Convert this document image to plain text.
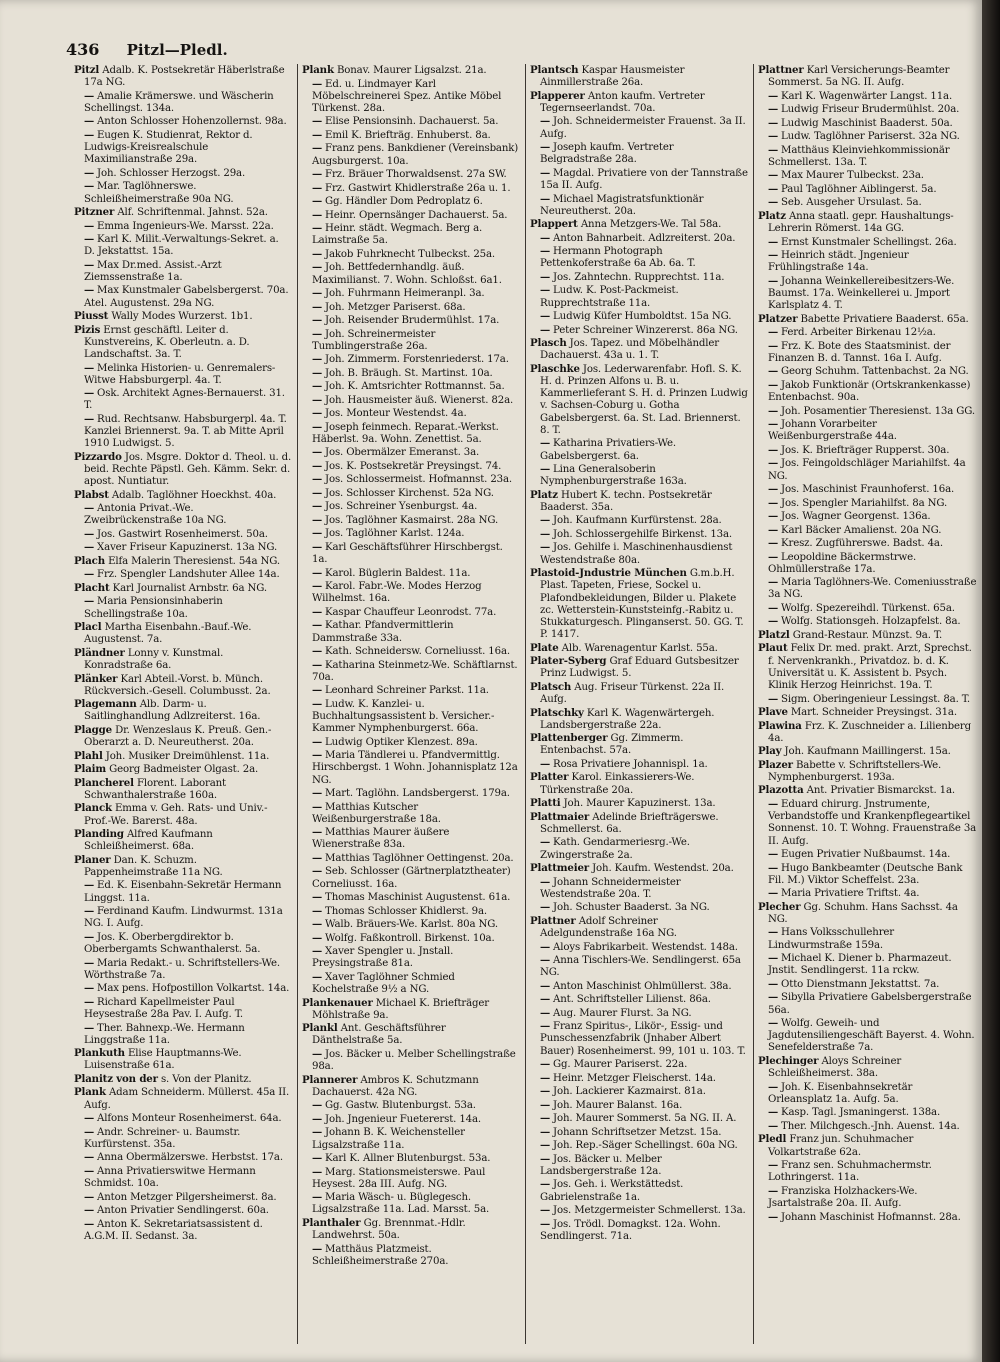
436 Pitzl—Pledl.
Pitzl Adalb. K. Postsekretär Häberlstraße 17a NG.
— Amalie Krämerswe. und Wäscherin Schellingst. 134a.
— Anton Schlosser Hohenzollernst. 98a.
— Eugen K. Studienrat, Rektor d. Ludwigs-Kreisrealschule Maximilianstraße 29a.
— Joh. Schlosser Herzogst. 29a.
— Mar. Taglöhnerswe. Schleißheimerstraße 90a NG.
Pitzner Alf. Schriftenmal. Jahnst. 52a.
— Emma Ingenieurs-We. Marsst. 22a.
— Karl K. Milit.-Verwaltungs-Sekret. a. D. Jekstattst. 15a.
— Max Dr.med. Assist.-Arzt Ziemssenstraße 1a.
— Max Kunstmaler Gabelsbergerst. 70a. Atel. Augustenst. 29a NG.
Piusst Wally Modes Wurzerst. 1b1.
Pizis Ernst geschäftl. Leiter d. Kunstvereins, K. Oberleutn. a. D. Landschaftst. 3a. T.
— Melinka Historien- u. Genremalers-Witwe Habsburgerpl. 4a. T.
— Osk. Architekt Agnes-Bernauerst. 31. T.
— Rud. Rechtsanw. Habsburgerpl. 4a. T. Kanzlei Briennerst. 9a. T. ab Mitte April 1910 Ludwigst. 5.
Pizzardo Jos. Msgre. Doktor d. Theol. u. d. beid. Rechte Päpstl. Geh. Kämm. Sekr. d. apost. Nuntiatur.
Plabst Adalb. Taglöhner Hoeckhst. 40a.
— Antonia Privat.-We. Zweibrückenstraße 10a NG.
— Jos. Gastwirt Rosenheimerst. 50a.
— Xaver Friseur Kapuzinerst. 13a NG.
Plach Elfa Malerin Theresienst. 54a NG.
— Frz. Spengler Landshuter Allee 14a.
Placht Karl Journalist Arnbstr. 6a NG.
— Maria Pensionsinhaberin Schellingstraße 10a.
Placl Martha Eisenbahn.-Bauf.-We. Augustenst. 7a.
Pländner Lonny v. Kunstmal. Konradstraße 6a.
Plänker Karl Abteil.-Vorst. b. Münch. Rückversich.-Gesell. Columbusst. 2a.
Plagemann Alb. Darm- u. Saitlinghandlung Adlzreiterst. 16a.
Plagge Dr. Wenzeslaus K. Preuß. Gen.-Oberarzt a. D. Neureutherst. 20a.
Plahl Joh. Musiker Dreimühlenst. 11a.
Plaim Georg Badmeister Olgast. 2a.
Plancherel Florent. Laborant Schwanthalerstraße 160a.
Planck Emma v. Geh. Rats- und Univ.-Prof.-We. Barerst. 48a.
Planding Alfred Kaufmann Schleißheimerst. 68a.
Planer Dan. K. Schuzm. Pappenheimstraße 11a NG.
— Ed. K. Eisenbahn-Sekretär Hermann Linggst. 11a.
— Ferdinand Kaufm. Lindwurmst. 131a NG. I. Aufg.
— Jos. K. Oberbergdirektor b. Oberbergamts Schwanthalerst. 5a.
— Maria Redakt.- u. Schriftstellers-We. Wörthstraße 7a.
— Max pens. Hofpostillon Volkartst. 14a.
— Richard Kapellmeister Paul Heysestraße 28a Pav. I. Aufg. T.
— Ther. Bahnexp.-We. Hermann Linggstraße 11a.
Plankuth Elise Hauptmanns-We. Luisenstraße 61a.
Planitz von der s. Von der Planitz.
Plank Adam Schneiderm. Müllerst. 45a II. Aufg.
— Alfons Monteur Rosenheimerst. 64a.
— Andr. Schreiner- u. Baumstr. Kurfürstenst. 35a.
— Anna Obermälzerswe. Herbstst. 17a.
— Anna Privatierswitwe Hermann Schmidst. 10a.
— Anton Metzger Pilgersheimerst. 8a.
— Anton Privatier Sendlingerst. 60a.
— Anton K. Sekretariatsassistent d. A.G.M. II. Sedanst. 3a.
Plank Bonav. Maurer Ligsalzst. 21a.
— Ed. u. Lindmayer Karl Möbelschreinerei Spez. Antike Möbel Türkenst. 28a.
— Elise Pensionsinh. Dachauerst. 5a.
— Emil K. Briefträg. Enhuberst. 8a.
— Franz pens. Bankdiener (Vereinsbank) Augsburgerst. 10a.
— Frz. Bräuer Thorwaldsenst. 27a SW.
— Frz. Gastwirt Khidlerstraße 26a u. 1.
— Gg. Händler Dom Pedroplatz 6.
— Heinr. Opernsänger Dachauerst. 5a.
— Heinr. städt. Wegmach. Berg a. Laimstraße 5a.
— Jakob Fuhrknecht Tulbeckst. 25a.
— Joh. Bettfedernhandlg. äuß. Maximilianst. 7. Wohn. Schloßst. 6a1.
— Joh. Fuhrmann Heimeranpl. 3a.
— Joh. Metzger Pariserst. 68a.
— Joh. Reisender Brudermühlst. 17a.
— Joh. Schreinermeister Tumblingerstraße 26a.
— Joh. Zimmerm. Forstenriederst. 17a.
— Joh. B. Bräugh. St. Martinst. 10a.
— Joh. K. Amtsrichter Rottmannst. 5a.
— Joh. Hausmeister äuß. Wienerst. 82a.
— Jos. Monteur Westendst. 4a.
— Joseph feinmech. Reparat.-Werkst. Häberlst. 9a. Wohn. Zenettist. 5a.
— Jos. Obermälzer Emeranst. 3a.
— Jos. K. Postsekretär Preysingst. 74.
— Jos. Schlossermeist. Hofmannst. 23a.
— Jos. Schlosser Kirchenst. 52a NG.
— Jos. Schreiner Ysenburgst. 4a.
— Jos. Taglöhner Kasmairst. 28a NG.
— Jos. Taglöhner Karlst. 124a.
— Karl Geschäftsführer Hirschbergst. 1a.
— Karol. Büglerin Baldest. 11a.
— Karol. Fabr.-We. Modes Herzog Wilhelmst. 16a.
— Kaspar Chauffeur Leonrodst. 77a.
— Kathar. Pfandvermittlerin Dammstraße 33a.
— Kath. Schneidersw. Corneliusst. 16a.
— Katharina Steinmetz-We. Schäftlarnst. 70a.
— Leonhard Schreiner Parkst. 11a.
— Ludw. K. Kanzlei- u. Buchhaltungsassistent b. Versicher.-Kammer Nymphenburgerst. 66a.
— Ludwig Optiker Klenzest. 89a.
— Maria Tändlerei u. Pfandvermittlg. Hirschbergst. 1 Wohn. Johannisplatz 12a NG.
— Mart. Taglöhn. Landsbergerst. 179a.
— Matthias Kutscher Weißenburgerstraße 18a.
— Matthias Maurer äußere Wienerstraße 83a.
— Matthias Taglöhner Oettingenst. 20a.
— Seb. Schlosser (Gärtnerplatztheater) Corneliusst. 16a.
— Thomas Maschinist Augustenst. 61a.
— Thomas Schlosser Khidlerst. 9a.
— Walb. Bräuers-We. Karlst. 80a NG.
— Wolfg. Faßkontroll. Birkenst. 10a.
— Xaver Spengler u. Jnstall. Preysingstraße 81a.
— Xaver Taglöhner Schmied Kochelstraße 9½ a NG.
Plankenauer Michael K. Briefträger Möhlstraße 9a.
Plankl Ant. Geschäftsführer Dänthelstraße 5a.
— Jos. Bäcker u. Melber Schellingstraße 98a.
Plannerer Ambros K. Schutzmann Dachauerst. 42a NG.
— Gg. Gastw. Blutenburgst. 53a.
— Joh. Jngenieur Fuetererst. 14a.
— Johann B. K. Weichensteller Ligsalzstraße 11a.
— Karl K. Allner Blutenburgst. 53a.
— Marg. Stationsmeisterswe. Paul Heysest. 28a III. Aufg. NG.
— Maria Wäsch- u. Büglegesch. Ligsalzstraße 11a. Lad. Marsst. 5a.
Planthaler Gg. Brennmat.-Hdlr. Landwehrst. 50a.
— Matthäus Platzmeist. Schleißheimerstraße 270a.
Plantsch Kaspar Hausmeister Ainmillerstraße 26a.
Plapperer Anton kaufm. Vertreter Tegernseerlandst. 70a.
— Joh. Schneidermeister Frauenst. 3a II. Aufg.
— Joseph kaufm. Vertreter Belgradstraße 28a.
— Magdal. Privatiere von der Tannstraße 15a II. Aufg.
— Michael Magistratsfunktionär Neureutherst. 20a.
Plappert Anna Metzgers-We. Tal 58a.
— Anton Bahnarbeit. Adlzreiterst. 20a.
— Hermann Photograph Pettenkoferstraße 6a Ab. 6a. T.
— Jos. Zahntechn. Rupprechtst. 11a.
— Ludw. K. Post-Packmeist. Rupprechtstraße 11a.
— Ludwig Küfer Humboldtst. 15a NG.
— Peter Schreiner Winzererst. 86a NG.
Plasch Jos. Tapez. und Möbelhändler Dachauerst. 43a u. 1. T.
Plaschke Jos. Lederwarenfabr. Hofl. S. K. H. d. Prinzen Alfons u. B. u. Kammerlieferant S. H. d. Prinzen Ludwig v. Sachsen-Coburg u. Gotha Gabelsbergerst. 6a. St. Lad. Briennerst. 8. T.
— Katharina Privatiers-We. Gabelsbergerst. 6a.
— Lina Generalsoberin Nymphenburgerstraße 163a.
Platz Hubert K. techn. Postsekretär Baaderst. 35a.
— Joh. Kaufmann Kurfürstenst. 28a.
— Joh. Schlossergehilfe Birkenst. 13a.
— Jos. Gehilfe i. Maschinenhausdienst Westendstraße 80a.
Plastoid-Jndustrie München G.m.b.H. Plast. Tapeten, Friese, Sockel u. Plafondbekleidungen, Bilder u. Plakete zc. Wetterstein-Kunststeinfg.-Rabitz u. Stukkaturgesch. Plinganserst. 50. GG. T. P. 1417.
Plate Alb. Warenagentur Karlst. 55a.
Plater-Syberg Graf Eduard Gutsbesitzer Prinz Ludwigst. 5.
Platsch Aug. Friseur Türkenst. 22a II. Aufg.
Platschky Karl K. Wagenwärtergeh. Landsbergerstraße 22a.
Plattenberger Gg. Zimmerm. Entenbachst. 57a.
— Rosa Privatiere Johannispl. 1a.
Platter Karol. Einkassierers-We. Türkenstraße 20a.
Platti Joh. Maurer Kapuzinerst. 13a.
Plattmaier Adelinde Briefträgerswe. Schmellerst. 6a.
— Kath. Gendarmeriesrg.-We. Zwingerstraße 2a.
Plattmeier Joh. Kaufm. Westendst. 20a.
— Johann Schneidermeister Westendstraße 20a. T.
— Joh. Schuster Baaderst. 3a NG.
Plattner Adolf Schreiner Adelgundenstraße 16a NG.
— Aloys Fabrikarbeit. Westendst. 148a.
— Anna Tischlers-We. Sendlingerst. 65a NG.
— Anton Maschinist Ohlmüllerst. 38a.
— Ant. Schriftsteller Lilienst. 86a.
— Aug. Maurer Flurst. 3a NG.
— Franz Spiritus-, Likör-, Essig- und Punschessenzfabrik (Jnhaber Albert Bauer) Rosenheimerst. 99, 101 u. 103. T.
— Gg. Maurer Pariserst. 22a.
— Heinr. Metzger Fleischerst. 14a.
— Joh. Lackierer Kazmairst. 81a.
— Joh. Maurer Balanst. 16a.
— Joh. Maurer Sommerst. 5a NG. II. A.
— Johann Schriftsetzer Metzst. 15a.
— Joh. Rep.-Säger Schellingst. 60a NG.
— Jos. Bäcker u. Melber Landsbergerstraße 12a.
— Jos. Geh. i. Werkstättedst. Gabrielenstraße 1a.
— Jos. Metzgermeister Schmellerst. 13a.
— Jos. Trödl. Domagkst. 12a. Wohn. Sendlingerst. 71a.
Plattner Karl Versicherungs-Beamter Sommerst. 5a NG. II. Aufg.
— Karl K. Wagenwärter Langst. 11a.
— Ludwig Friseur Brudermühlst. 20a.
— Ludwig Maschinist Baaderst. 50a.
— Ludw. Taglöhner Pariserst. 32a NG.
— Matthäus Kleinviehkommissionär Schmellerst. 13a. T.
— Max Maurer Tulbeckst. 23a.
— Paul Taglöhner Aiblingerst. 5a.
— Seb. Ausgeher Ursulast. 5a.
Platz Anna staatl. gepr. Haushaltungs-Lehrerin Römerst. 14a GG.
— Ernst Kunstmaler Schellingst. 26a.
— Heinrich städt. Jngenieur Frühlingstraße 14a.
— Johanna Weinkellereibesitzers-We. Baumst. 17a. Weinkellerei u. Jmport Karlsplatz 4. T.
Platzer Babette Privatiere Baaderst. 65a.
— Ferd. Arbeiter Birkenau 12½a.
— Frz. K. Bote des Staatsminist. der Finanzen B. d. Tannst. 16a I. Aufg.
— Georg Schuhm. Tattenbachst. 2a NG.
— Jakob Funktionär (Ortskrankenkasse) Entenbachst. 90a.
— Joh. Posamentier Theresienst. 13a GG.
— Johann Vorarbeiter Weißenburgerstraße 44a.
— Jos. K. Briefträger Rupperst. 30a.
— Jos. Feingoldschläger Mariahilfst. 4a NG.
— Jos. Maschinist Fraunhoferst. 16a.
— Jos. Spengler Mariahilfst. 8a NG.
— Jos. Wagner Georgenst. 136a.
— Karl Bäcker Amalienst. 20a NG.
— Kresz. Zugführerswe. Badst. 4a.
— Leopoldine Bäckermstrwe. Ohlmüllerstraße 17a.
— Maria Taglöhners-We. Comeniusstraße 3a NG.
— Wolfg. Spezereihdl. Türkenst. 65a.
— Wolfg. Stationsgeh. Holzapfelst. 8a.
Platzl Grand-Restaur. Münzst. 9a. T.
Plaut Felix Dr. med. prakt. Arzt, Sprechst. f. Nervenkrankh., Privatdoz. b. d. K. Universität u. K. Assistent b. Psych. Klinik Herzog Heinrichst. 19a. T.
— Sigm. Oberingenieur Lessingst. 8a. T.
Plave Mart. Schneider Preysingst. 31a.
Plawina Frz. K. Zuschneider a. Lilienberg 4a.
Play Joh. Kaufmann Maillingerst. 15a.
Plazer Babette v. Schriftstellers-We. Nymphenburgerst. 193a.
Plazotta Ant. Privatier Bismarckst. 1a.
— Eduard chirurg. Jnstrumente, Verbandstoffe und Krankenpflegeartikel Sonnenst. 10. T. Wohng. Frauenstraße 3a II. Aufg.
— Eugen Privatier Nußbaumst. 14a.
— Hugo Bankbeamter (Deutsche Bank Fil. M.) Viktor Scheffelst. 23a.
— Maria Privatiere Triftst. 4a.
Plecher Gg. Schuhm. Hans Sachsst. 4a NG.
— Hans Volksschullehrer Lindwurmstraße 159a.
— Michael K. Diener b. Pharmazeut. Jnstit. Sendlingerst. 11a rckw.
— Otto Dienstmann Jekstattst. 7a.
— Sibylla Privatiere Gabelsbergerstraße 56a.
— Wolfg. Geweih- und Jagdutensiliengeschäft Bayerst. 4. Wohn. Senefelderstraße 7a.
Plechinger Aloys Schreiner Schleißheimerst. 38a.
— Joh. K. Eisenbahnsekretär Orleansplatz 1a. Aufg. 5a.
— Kasp. Tagl. Jsmaningerst. 138a.
— Ther. Milchgesch.-Jnh. Auenst. 14a.
Pledl Franz jun. Schuhmacher Volkartstraße 62a.
— Franz sen. Schuhmachermstr. Lothringerst. 11a.
— Franziska Holzhackers-We. Jsartalstraße 20a. II. Aufg.
— Johann Maschinist Hofmannst. 28a.
